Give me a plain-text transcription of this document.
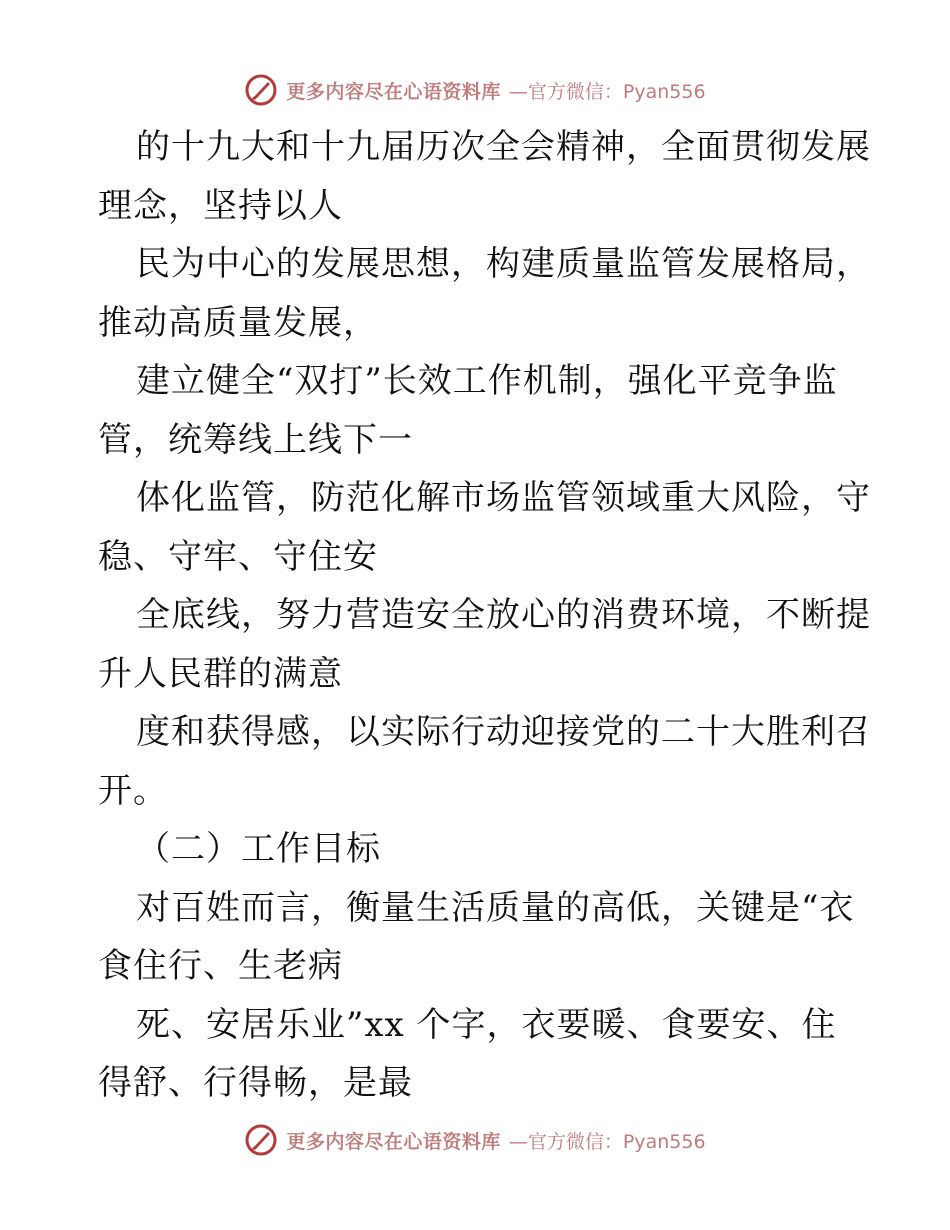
更多内容尽在心语资料库 —官方微信：Pyan556
的十九大和十九届历次全会精神，全面贯彻发展
理念，坚持以人
民为中心的发展思想，构建质量监管发展格局，
推动高质量发展，
建立健全“双打”长效工作机制，强化平竞争监
管，统筹线上线下一
体化监管，防范化解市场监管领域重大风险，守
稳、守牢、守住安
全底线，努力营造安全放心的消费环境，不断提
升人民群的满意
度和获得感，以实际行动迎接党的二十大胜利召
开。
（二）工作目标
对百姓而言，衡量生活质量的高低，关键是“衣
食住行、生老病
死、安居乐业”xx 个字，衣要暖、食要安、住
得舒、行得畅，是最
更多内容尽在心语资料库 —官方微信：Pyan556
